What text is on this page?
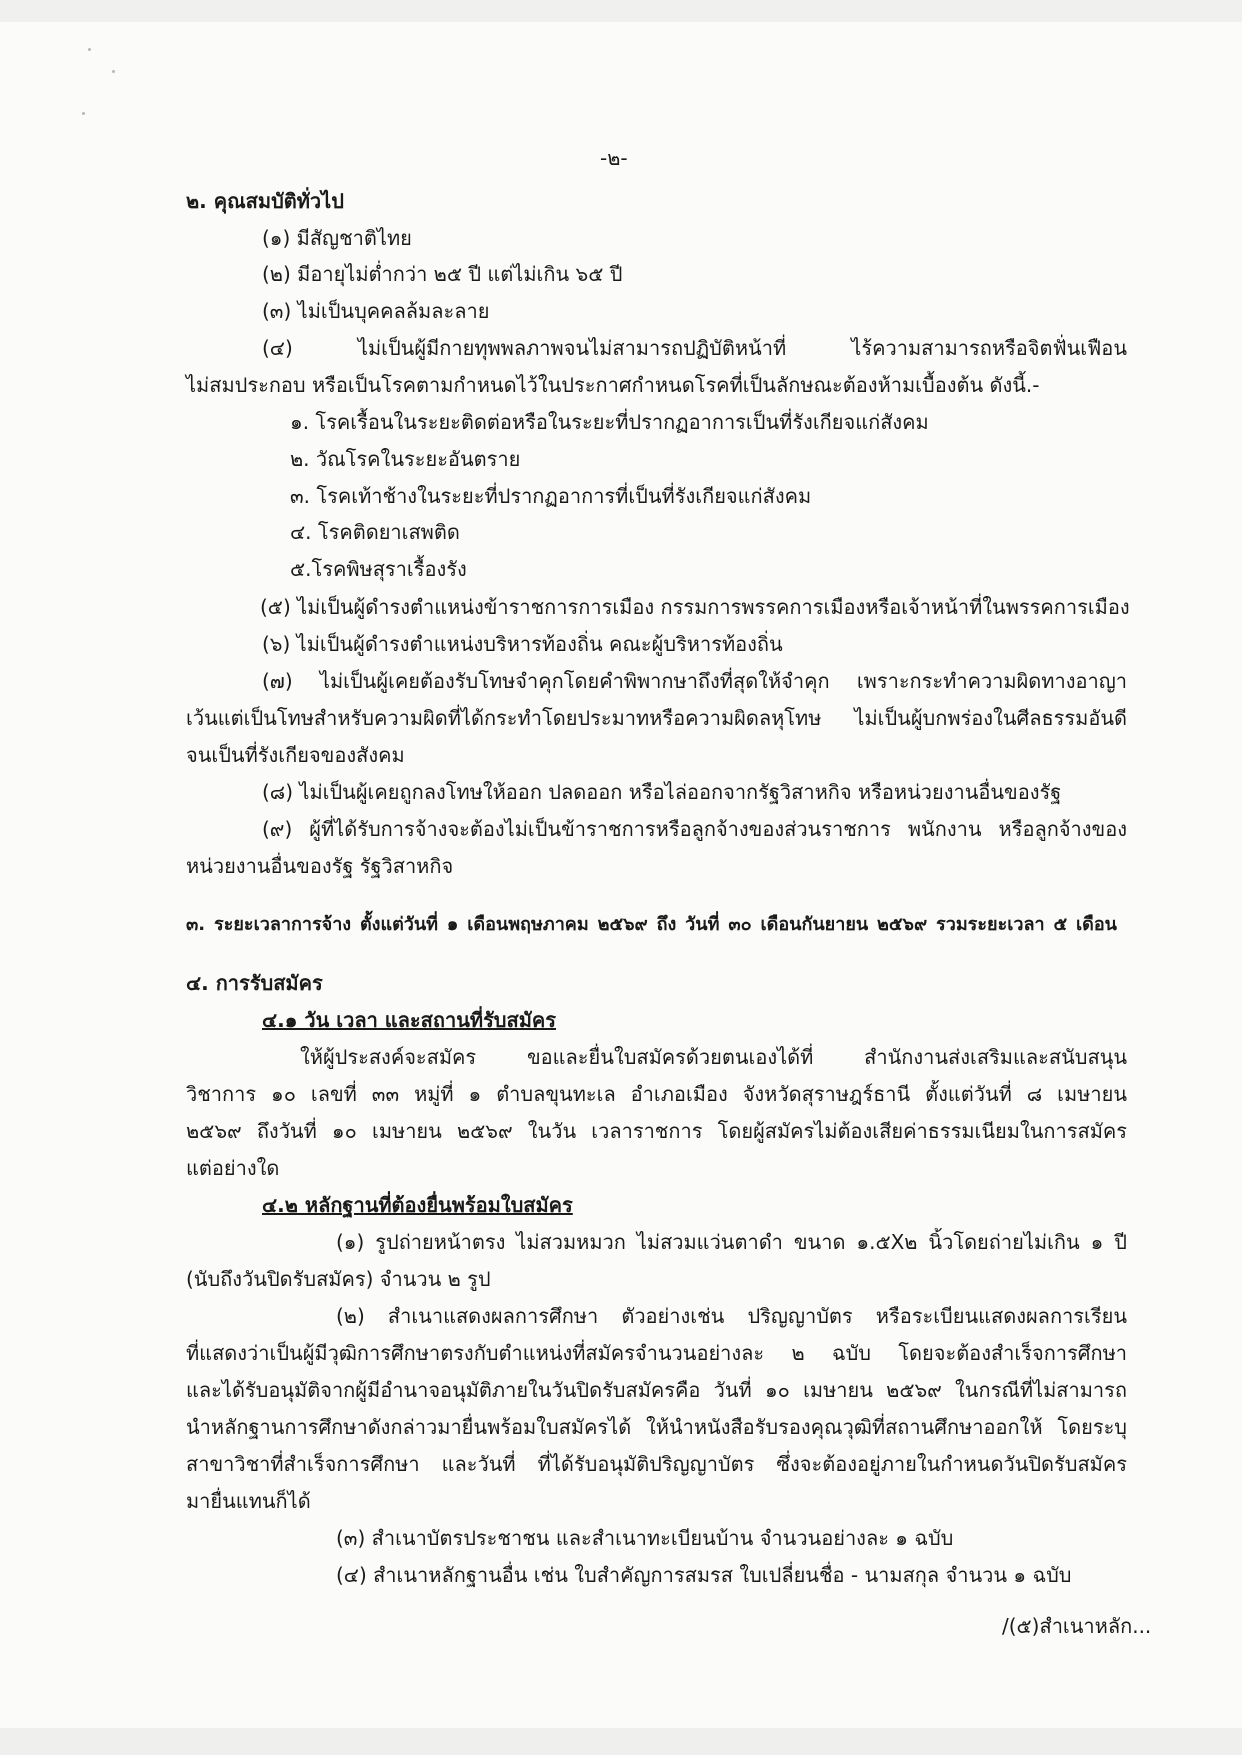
-๒-
๒. คุณสมบัติทั่วไป
(๑) มีสัญชาติไทย
(๒) มีอายุไม่ต่ำกว่า ๒๕ ปี แต่ไม่เกิน ๖๕ ปี
(๓) ไม่เป็นบุคคลล้มละลาย
(๔) ไม่เป็นผู้มีกายทุพพลภาพจนไม่สามารถปฏิบัติหน้าที่ ไร้ความสามารถหรือจิตฟั่นเฟือน
ไม่สมประกอบ หรือเป็นโรคตามกำหนดไว้ในประกาศกำหนดโรคที่เป็นลักษณะต้องห้ามเบื้องต้น ดังนี้.-
๑. โรคเรื้อนในระยะติดต่อหรือในระยะที่ปรากฏอาการเป็นที่รังเกียจแก่สังคม
๒. วัณโรคในระยะอันตราย
๓. โรคเท้าช้างในระยะที่ปรากฏอาการที่เป็นที่รังเกียจแก่สังคม
๔. โรคติดยาเสพติด
๕.โรคพิษสุราเรื้องรัง
(๕) ไม่เป็นผู้ดำรงตำแหน่งข้าราชการการเมือง กรรมการพรรคการเมืองหรือเจ้าหน้าที่ในพรรคการเมือง
(๖) ไม่เป็นผู้ดำรงตำแหน่งบริหารท้องถิ่น คณะผู้บริหารท้องถิ่น
(๗) ไม่เป็นผู้เคยต้องรับโทษจำคุกโดยคำพิพากษาถึงที่สุดให้จำคุก เพราะกระทำความผิดทางอาญา
เว้นแต่เป็นโทษสำหรับความผิดที่ได้กระทำโดยประมาทหรือความผิดลหุโทษ ไม่เป็นผู้บกพร่องในศีลธรรมอันดี
จนเป็นที่รังเกียจของสังคม
(๘) ไม่เป็นผู้เคยถูกลงโทษให้ออก ปลดออก หรือไล่ออกจากรัฐวิสาหกิจ หรือหน่วยงานอื่นของรัฐ
(๙) ผู้ที่ได้รับการจ้างจะต้องไม่เป็นข้าราชการหรือลูกจ้างของส่วนราชการ พนักงาน หรือลูกจ้างของ
หน่วยงานอื่นของรัฐ รัฐวิสาหกิจ
๓. ระยะเวลาการจ้าง ตั้งแต่วันที่ ๑ เดือนพฤษภาคม ๒๕๖๙ ถึง วันที่ ๓๐ เดือนกันยายน ๒๕๖๙ รวมระยะเวลา ๕ เดือน
๔. การรับสมัคร
๔.๑ วัน เวลา และสถานที่รับสมัคร
ให้ผู้ประสงค์จะสมัคร ขอและยื่นใบสมัครด้วยตนเองได้ที่ สำนักงานส่งเสริมและสนับสนุน
วิชาการ ๑๐ เลขที่ ๓๓ หมู่ที่ ๑ ตำบลขุนทะเล อำเภอเมือง จังหวัดสุราษฎร์ธานี ตั้งแต่วันที่ ๘ เมษายน
๒๕๖๙ ถึงวันที่ ๑๐ เมษายน ๒๕๖๙ ในวัน เวลาราชการ โดยผู้สมัครไม่ต้องเสียค่าธรรมเนียมในการสมัคร
แต่อย่างใด
๔.๒ หลักฐานที่ต้องยื่นพร้อมใบสมัคร
(๑) รูปถ่ายหน้าตรง ไม่สวมหมวก ไม่สวมแว่นตาดำ ขนาด ๑.๕X๒ นิ้วโดยถ่ายไม่เกิน ๑ ปี
(นับถึงวันปิดรับสมัคร) จำนวน ๒ รูป
(๒) สำเนาแสดงผลการศึกษา ตัวอย่างเช่น ปริญญาบัตร หรือระเบียนแสดงผลการเรียน
ที่แสดงว่าเป็นผู้มีวุฒิการศึกษาตรงกับตำแหน่งที่สมัครจำนวนอย่างละ ๒ ฉบับ โดยจะต้องสำเร็จการศึกษา
และได้รับอนุมัติจากผู้มีอำนาจอนุมัติภายในวันปิดรับสมัครคือ วันที่ ๑๐ เมษายน ๒๕๖๙ ในกรณีที่ไม่สามารถ
นำหลักฐานการศึกษาดังกล่าวมายื่นพร้อมใบสมัครได้ ให้นำหนังสือรับรองคุณวุฒิที่สถานศึกษาออกให้ โดยระบุ
สาขาวิชาที่สำเร็จการศึกษา และวันที่ ที่ได้รับอนุมัติปริญญาบัตร ซึ่งจะต้องอยู่ภายในกำหนดวันปิดรับสมัคร
มายื่นแทนก็ได้
(๓) สำเนาบัตรประชาชน และสำเนาทะเบียนบ้าน จำนวนอย่างละ ๑ ฉบับ
(๔) สำเนาหลักฐานอื่น เช่น ใบสำคัญการสมรส ใบเปลี่ยนชื่อ - นามสกุล จำนวน ๑ ฉบับ
/(๕)สำเนาหลัก...
